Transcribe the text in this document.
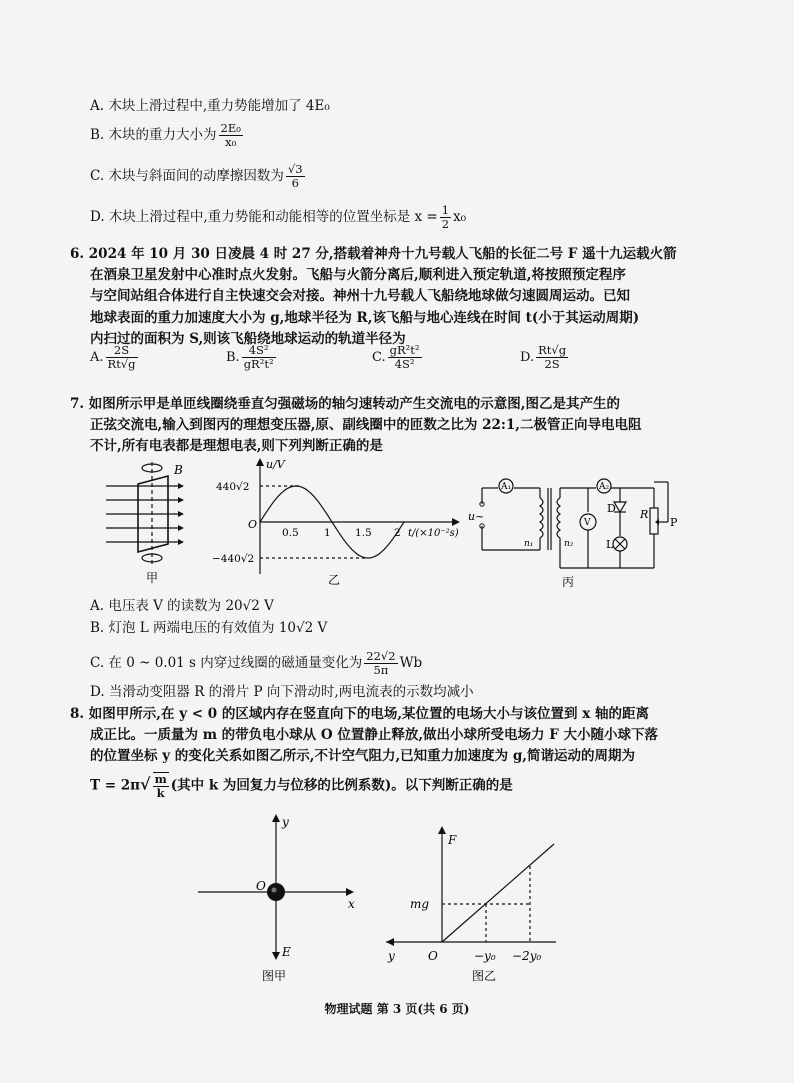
A. 木块上滑过程中,重力势能增加了 4E₀
B. 木块的重力大小为 $\frac{\text{2E₀}}{\text{x₀}}$
C. 木块与斜面间的动摩擦因数为 $\frac{√3}{6}$
D. 木块上滑过程中,重力势能和动能相等的位置坐标是 $x = \frac{1}{2} x_0$
6. 2024 年 10 月 30 日凌晨 4 时 27 分,搭载着神舟十九号载人飞船的长征二号 F 遥十九运载火箭
在酒泉卫星发射中心准时点火发射。飞船与火箭分离后,顺利进入预定轨道,将按照预定程序
与空间站组合体进行自主快速交会对接。神州十九号载人飞船绕地球做匀速圆周运动。已知
地球表面的重力加速度大小为 g,地球半径为 R,该飞船与地心连线在时间 t(小于其运动周期)
内扫过的面积为 S,则该飞船绕地球运动的轨道半径为
A. $\frac{2S}{Rt√g}$	B. $\frac{\text{4S²}}{\text{gR²t²}}$	C. $\frac{\text{gR²t²}}{\text{4S²}}$	D. $\frac{Rt√g}{2S}$
7. 如图所示甲是单匝线圈绕垂直匀强磁场的轴匀速转动产生交流电的示意图,图乙是其产生的
正弦交流电,输入到图丙的理想变压器,原、副线圈中的匝数之比为 22:1,二极管正向导电电阻
不计,所有电表都是理想电表,则下列判断正确的是
B
甲
u/V
440√2
−440√2
O
0.5 1 1.5 2 t/(×10⁻²s)
乙
A₁	A₂
V
u~
n₁	n₂
D
L
R
P
丙
A. 电压表 V 的读数为 20√2 V
B. 灯泡 L 两端电压的有效值为 10√2 V
C. 在 0 ~ 0.01 s 内穿过线圈的磁通量变化为 $\frac{22√2}{5\pi}$ Wb
D. 当滑动变阻器 R 的滑片 P 向下滑动时,两电流表的示数均减小
8. 如图甲所示,在 y < 0 的区域内存在竖直向下的电场,某位置的电场大小与该位置到 x 轴的距离
成正比。一质量为 m 的带负电小球从 O 位置静止释放,做出小球所受电场力 F 大小随小球下落
的位置坐标 y 的变化关系如图乙所示,不计空气阻力,已知重力加速度为 g,简谐运动的周期为
$T = 2\pi√ \frac{m}{k}$ (其中 k 为回复力与位移的比例系数)。以下判断正确的是
y
x
O
E
图甲
F
y	O
mg
−y₀ −2y₀
图乙
物理试题 第 3 页(共 6 页)
